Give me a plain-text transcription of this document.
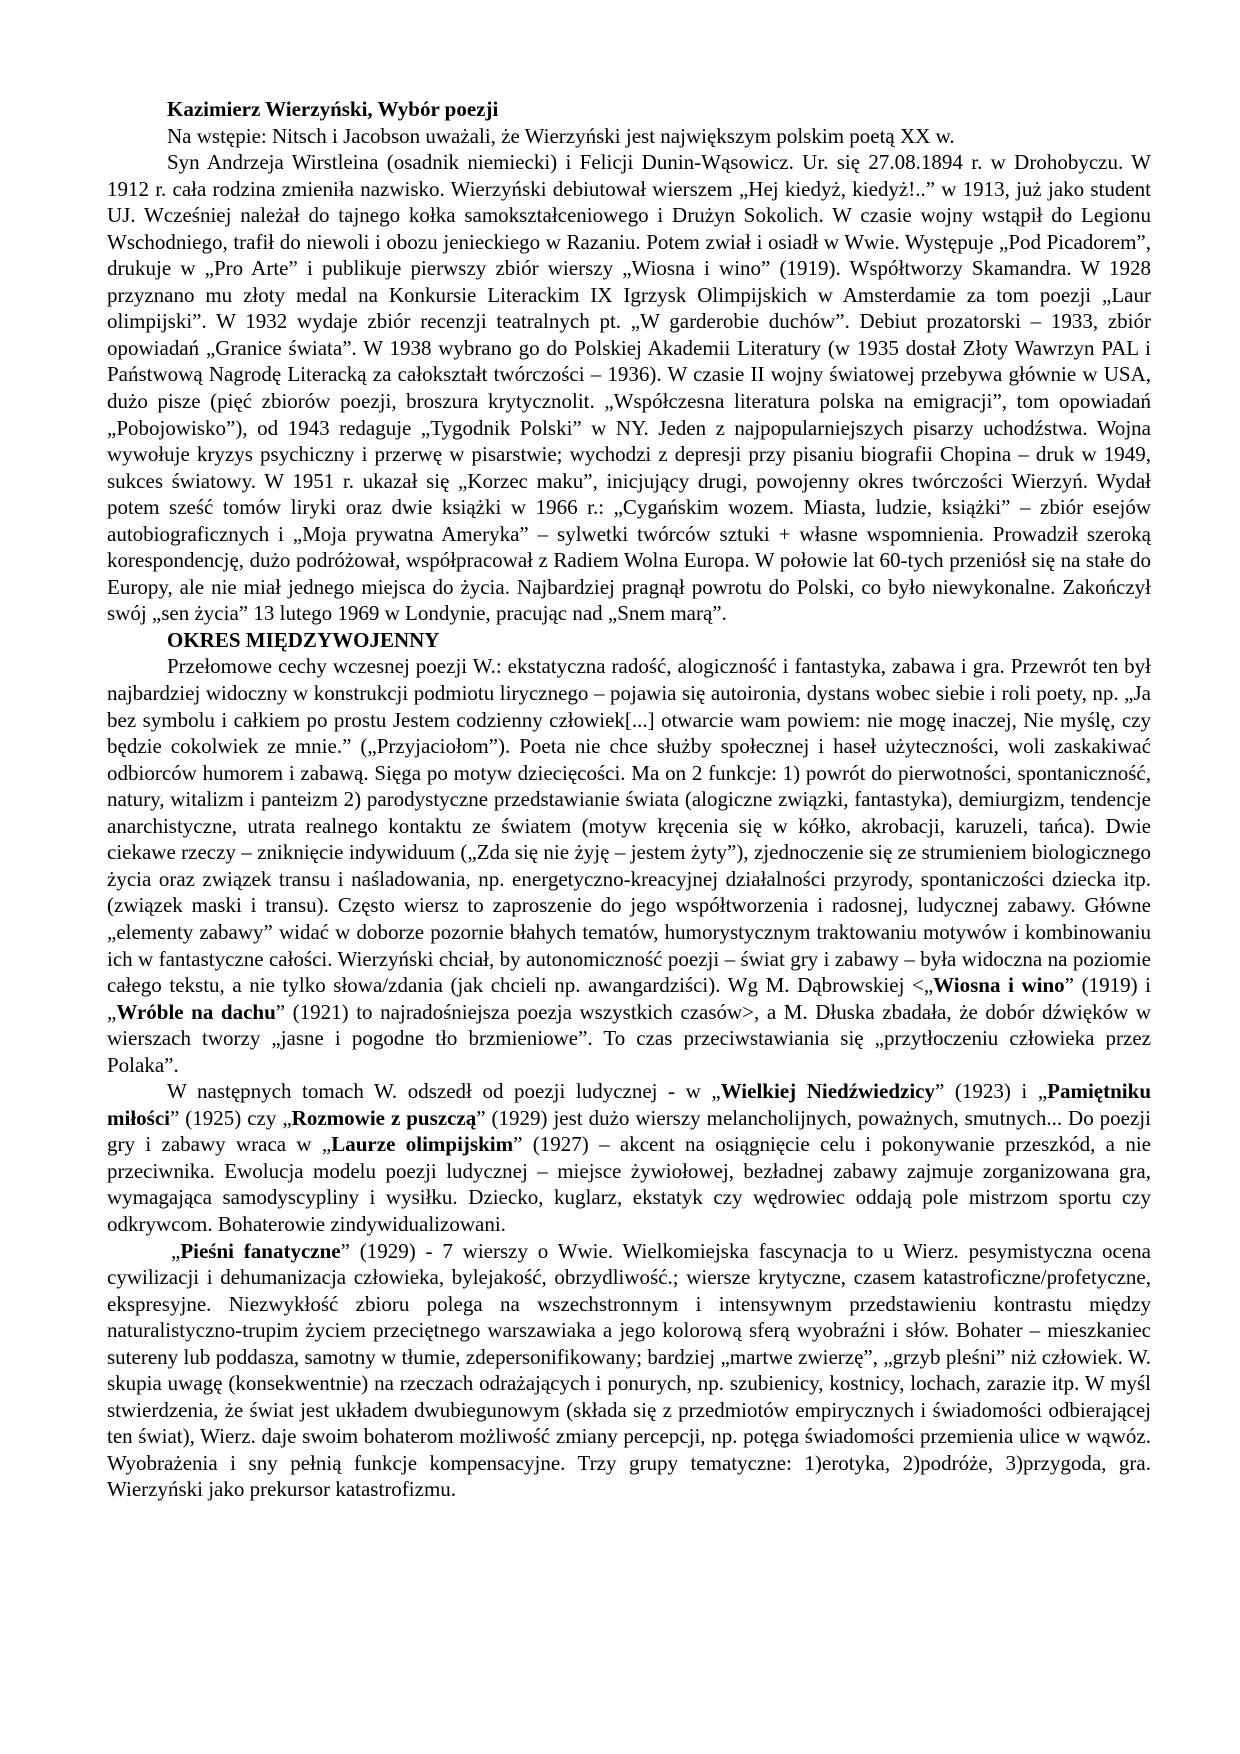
Kazimierz Wierzyński, Wybór poezji

Na wstępie: Nitsch i Jacobson uważali, że Wierzyński jest największym polskim poetą XX w.

Syn Andrzeja Wirstleina (osadnik niemiecki) i Felicji Dunin-Wąsowicz. Ur. się 27.08.1894 r. w Drohobyczu. W 1912 r. cała rodzina zmieniła nazwisko. Wierzyński debiutował wierszem „Hej kiedyż, kiedyż!..” w 1913, już jako student UJ. Wcześniej należał do tajnego kołka samokształceniowego i Drużyn Sokolich. W czasie wojny wstąpił do Legionu Wschodniego, trafił do niewoli i obozu jenieckiego w Razaniu. Potem zwiał i osiadł w Wwie. Występuje „Pod Picadorem”, drukuje w „Pro Arte” i publikuje pierwszy zbiór wierszy „Wiosna i wino” (1919). Współtworzy Skamandra. W 1928 przyznano mu złoty medal na Konkursie Literackim IX Igrzysk Olimpijskich w Amsterdamie za tom poezji „Laur olimpijski”. W 1932 wydaje zbiór recenzji teatralnych pt. „W garderobie duchów”. Debiut prozatorski – 1933, zbiór opowiadań „Granice świata”. W 1938 wybrano go do Polskiej Akademii Literatury (w 1935 dostał Złoty Wawrzyn PAL i Państwową Nagrodę Literacką za całokształt twórczości – 1936). W czasie II wojny światowej przebywa głównie w USA, dużo pisze (pięć zbiorów poezji, broszura krytycznolit. „Współczesna literatura polska na emigracji”, tom opowiadań „Pobojowisko”), od 1943 redaguje „Tygodnik Polski” w NY. Jeden z najpopularniejszych pisarzy uchodźstwa. Wojna wywołuje kryzys psychiczny i przerwę w pisarstwie; wychodzi z depresji przy pisaniu biografii Chopina – druk w 1949, sukces światowy. W 1951 r. ukazał się „Korzec maku”, inicjujący drugi, powojenny okres twórczości Wierzyń. Wydał potem sześć tomów liryki oraz dwie książki w 1966 r.: „Cygańskim wozem. Miasta, ludzie, książki” – zbiór esejów autobiograficznych i „Moja prywatna Ameryka” – sylwetki twórców sztuki + własne wspomnienia. Prowadził szeroką korespondencję, dużo podróżował, współpracował z Radiem Wolna Europa. W połowie lat 60-tych przeniósł się na stałe do Europy, ale nie miał jednego miejsca do życia. Najbardziej pragnął powrotu do Polski, co było niewykonalne. Zakończył swój „sen życia” 13 lutego 1969 w Londynie, pracując nad „Snem marą”.

OKRES MIĘDZYWOJENNY

Przełomowe cechy wczesnej poezji W.: ekstatyczna radość, alogiczność i fantastyka, zabawa i gra. Przewrót ten był najbardziej widoczny w konstrukcji podmiotu lirycznego – pojawia się autoironia, dystans wobec siebie i roli poety, np. „Ja bez symbolu i całkiem po prostu Jestem codzienny człowiek[...] otwarcie wam powiem: nie mogę inaczej, Nie myślę, czy będzie cokolwiek ze mnie.” („Przyjaciołom”). Poeta nie chce służby społecznej i haseł użyteczności, woli zaskakiwać odbiorców humorem i zabawą. Sięga po motyw dziecięcości. Ma on 2 funkcje: 1) powrót do pierwotności, spontaniczność, natury, witalizm i panteizm 2) parodystyczne przedstawianie świata (alogiczne związki, fantastyka), demiurgizm, tendencje anarchistyczne, utrata realnego kontaktu ze światem (motyw kręcenia się w kółko, akrobacji, karuzeli, tańca). Dwie ciekawe rzeczy – zniknięcie indywiduum („Zda się nie żyję – jestem żyty”), zjednoczenie się ze strumieniem biologicznego życia oraz związek transu i naśladowania, np. energetyczno-kreacyjnej działalności przyrody, spontaniczości dziecka itp. (związek maski i transu). Często wiersz to zaproszenie do jego współtworzenia i radosnej, ludycznej zabawy. Główne „elementy zabawy” widać w doborze pozornie błahych tematów, humorystycznym traktowaniu motywów i kombinowaniu ich w fantastyczne całości. Wierzyński chciał, by autonomiczność poezji – świat gry i zabawy – była widoczna na poziomie całego tekstu, a nie tylko słowa/zdania (jak chcieli np. awangardziści). Wg M. Dąbrowskiej <„Wiosna i wino” (1919) i „Wróble na dachu” (1921) to najradośniejsza poezja wszystkich czasów>, a M. Dłuska zbadała, że dobór dźwięków w wierszach tworzy „jasne i pogodne tło brzmieniowe”. To czas przeciwstawiania się „przytłoczeniu człowieka przez Polaka”.

W następnych tomach W. odszedł od poezji ludycznej - w „Wielkiej Niedźwiedzicy” (1923) i „Pamiętniku miłości” (1925) czy „Rozmowie z puszczą” (1929) jest dużo wierszy melancholijnych, poważnych, smutnych... Do poezji gry i zabawy wraca w „Laurze olimpijskim” (1927) – akcent na osiągnięcie celu i pokonywanie przeszkód, a nie przeciwnika. Ewolucja modelu poezji ludycznej – miejsce żywiołowej, bezładnej zabawy zajmuje zorganizowana gra, wymagająca samodyscypliny i wysiłku. Dziecko, kuglarz, ekstatyk czy wędrowiec oddają pole mistrzom sportu czy odkrywcom. Bohaterowie zindywidualizowani.

„Pieśni fanatyczne” (1929) - 7 wierszy o Wwie. Wielkomiejska fascynacja to u Wierz. pesymistyczna ocena cywilizacji i dehumanizacja człowieka, bylejakość, obrzydliwość.; wiersze krytyczne, czasem katastroficzne/profetyczne, ekspresyjne. Niezwykłość zbioru polega na wszechstronnym i intensywnym przedstawieniu kontrastu między naturalistyczno-trupim życiem przeciętnego warszawiaka a jego kolorową sferą wyobraźni i słów. Bohater – mieszkaniec sutereny lub poddasza, samotny w tłumie, zdepersonifikowany; bardziej „martwe zwierzę”, „grzyb pleśni” niż człowiek. W. skupia uwagę (konsekwentnie) na rzeczach odrażających i ponurych, np. szubienicy, kostnicy, lochach, zarazie itp. W myśl stwierdzenia, że świat jest układem dwubiegunowym (składa się z przedmiotów empirycznych i świadomości odbierającej ten świat), Wierz. daje swoim bohaterom możliwość zmiany percepcji, np. potęga świadomości przemienia ulice w wąwóz. Wyobrażenia i sny pełnią funkcje kompensacyjne. Trzy grupy tematyczne: 1)erotyka, 2)podróże, 3)przygoda, gra. Wierzyński jako prekursor katastrofizmu.
